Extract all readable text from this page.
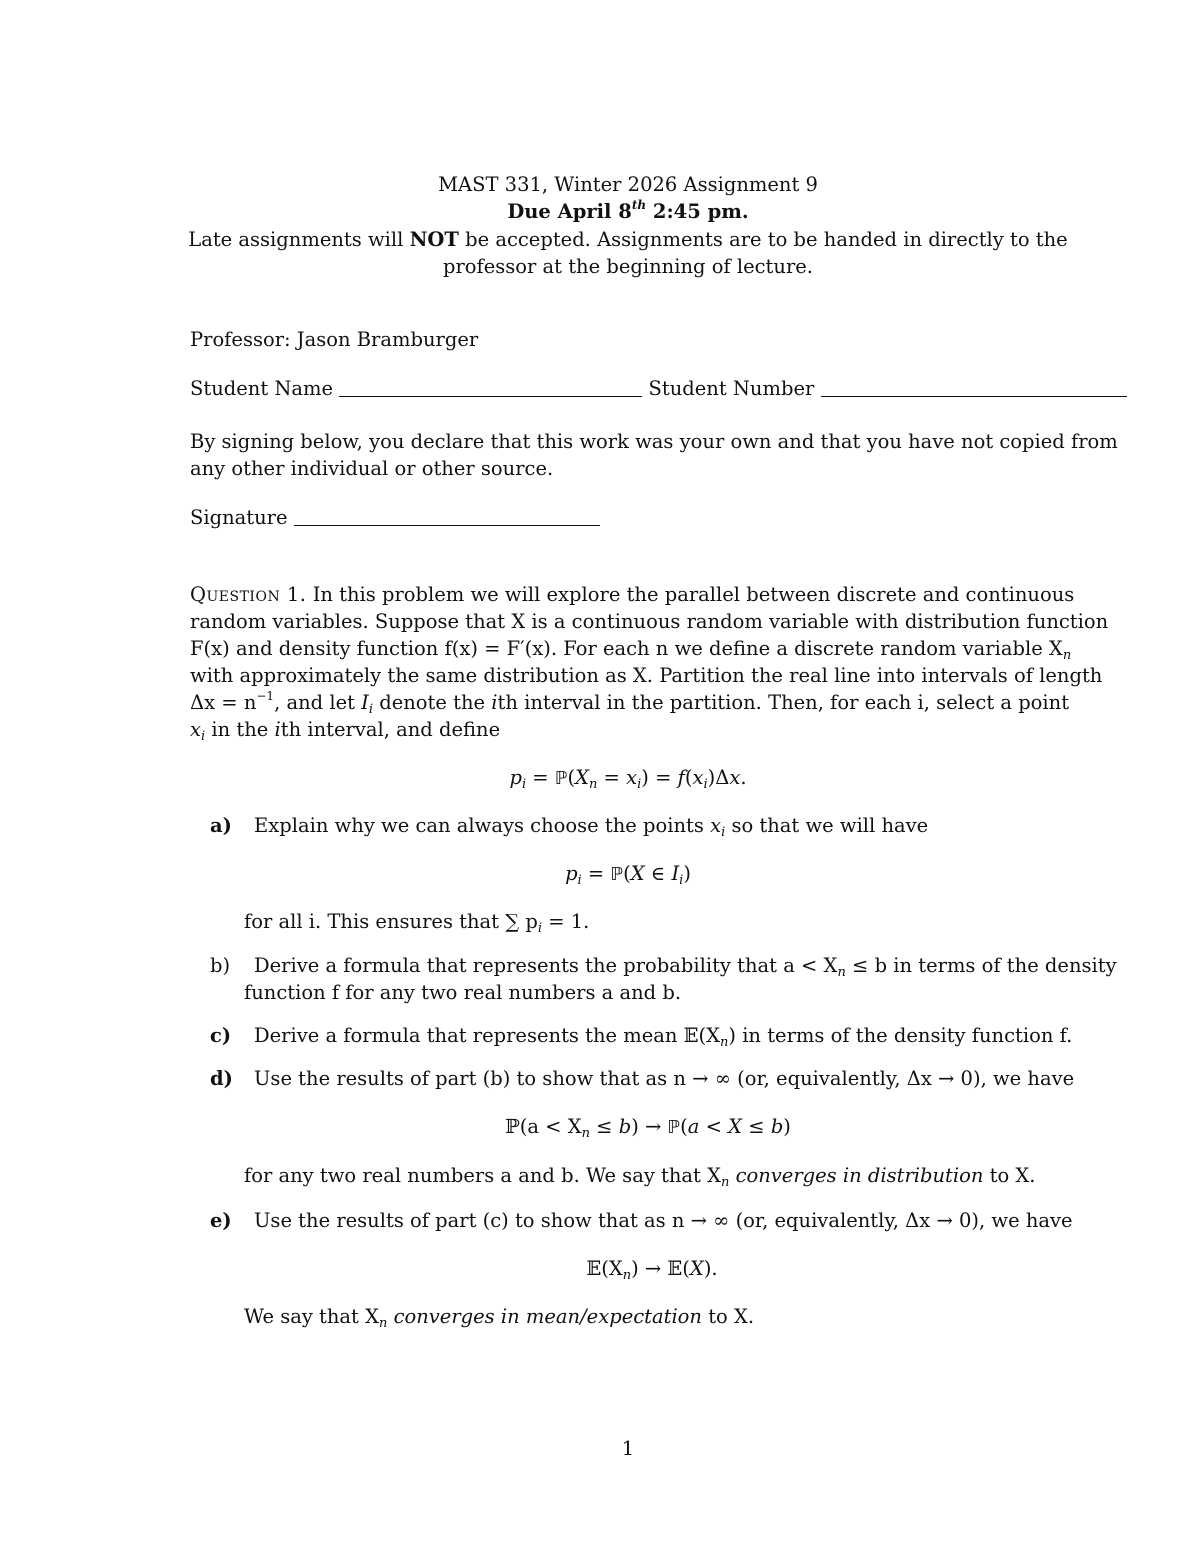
MAST 331, Winter 2026 Assignment 9
Due April 8th 2:45 pm.
Late assignments will NOT be accepted. Assignments are to be handed in directly to the
professor at the beginning of lecture.
Professor: Jason Bramburger
Student Name	Student Number
By signing below, you declare that this work was your own and that you have not copied from
any other individual or other source.
Signature
Question 1. In this problem we will explore the parallel between discrete and continuous
random variables. Suppose that X is a continuous random variable with distribution function
F(x) and density function f(x) = F′(x). For each n we define a discrete random variable $X_n$
with approximately the same distribution as X. Partition the real line into intervals of length
$\Delta x = n^{-1}$, and let $I_i$ denote the ith interval in the partition. Then, for each i, select a point
$x_i$ in the ith interval, and define
$p_i$ = $ℙ(X_n = x_i) = f(x_i)\Delta x$.
a) Explain why we can always choose the points $x_i$ so that we will have
$p_i$ = ℙ(X ∈ $I_i$)
for all i. This ensures that ∑ $p_i = 1$.
b) Derive a formula that represents the probability that $a < X_n \le b$ in terms of the density
function f for any two real numbers a and b.
c) Derive a formula that represents the mean $𝔼(X_n)$ in terms of the density function f.
d) Use the results of part (b) to show that as n → ∞ (or, equivalently, Δx → 0), we have
ℙ(a < $X_n \le b$) → ℙ(a < X ≤ b)
for any two real numbers a and b. We say that $X_n$ converges in distribution to X.
e) Use the results of part (c) to show that as n → ∞ (or, equivalently, Δx → 0), we have
$𝔼(X_n)$ → 𝔼(X).
We say that $X_n$ converges in mean/expectation to X.
1
